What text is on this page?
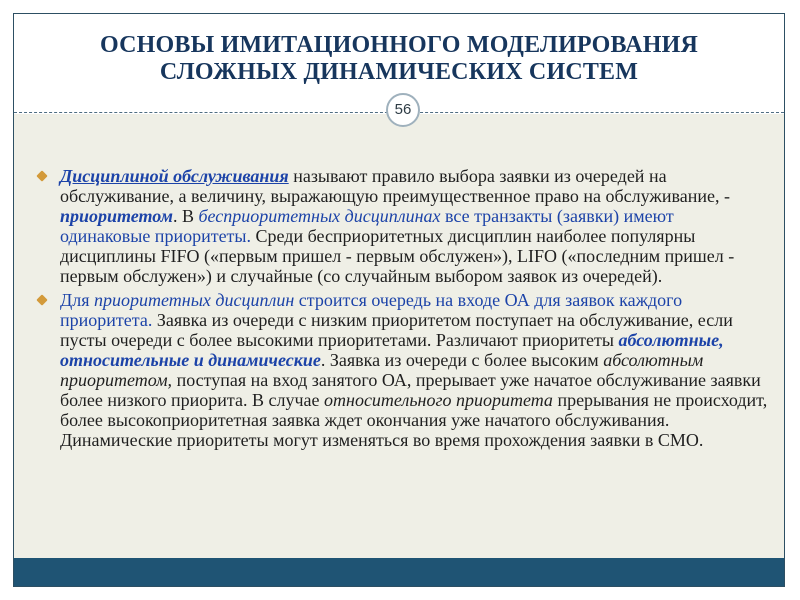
ОСНОВЫ ИМИТАЦИОННОГО МОДЕЛИРОВАНИЯ
СЛОЖНЫХ ДИНАМИЧЕСКИХ СИСТЕМ
Дисциплиной обслуживания называют правило выбора заявки из очередей на обслуживание, а величину, выражающую преимущественное право на обслуживание, - приоритетом. В бесприоритетных дисциплинах все транзакты (заявки) имеют одинаковые приоритеты. Среди бесприоритетных дисциплин наиболее популярны дисциплины FIFO («первым пришел - первым обслужен»), LIFO («последним пришел - первым обслужен») и случайные (со случайным выбором заявок из очередей).
Для приоритетных дисциплин строится очередь на входе ОА для заявок каждого приоритета. Заявка из очереди с низким приоритетом поступает на обслуживание, если пусты очереди с более высокими приоритетами. Различают приоритеты абсолютные, относительные и динамические. Заявка из очереди с более высоким абсолютным приоритетом, поступая на вход занятого ОА, прерывает уже начатое обслуживание заявки более низкого приорита. В случае относительного приоритета прерывания не происходит, более высокоприоритетная заявка ждет окончания уже начатого обслуживания. Динамические приоритеты могут изменяться во время прохождения заявки в СМО.
56
